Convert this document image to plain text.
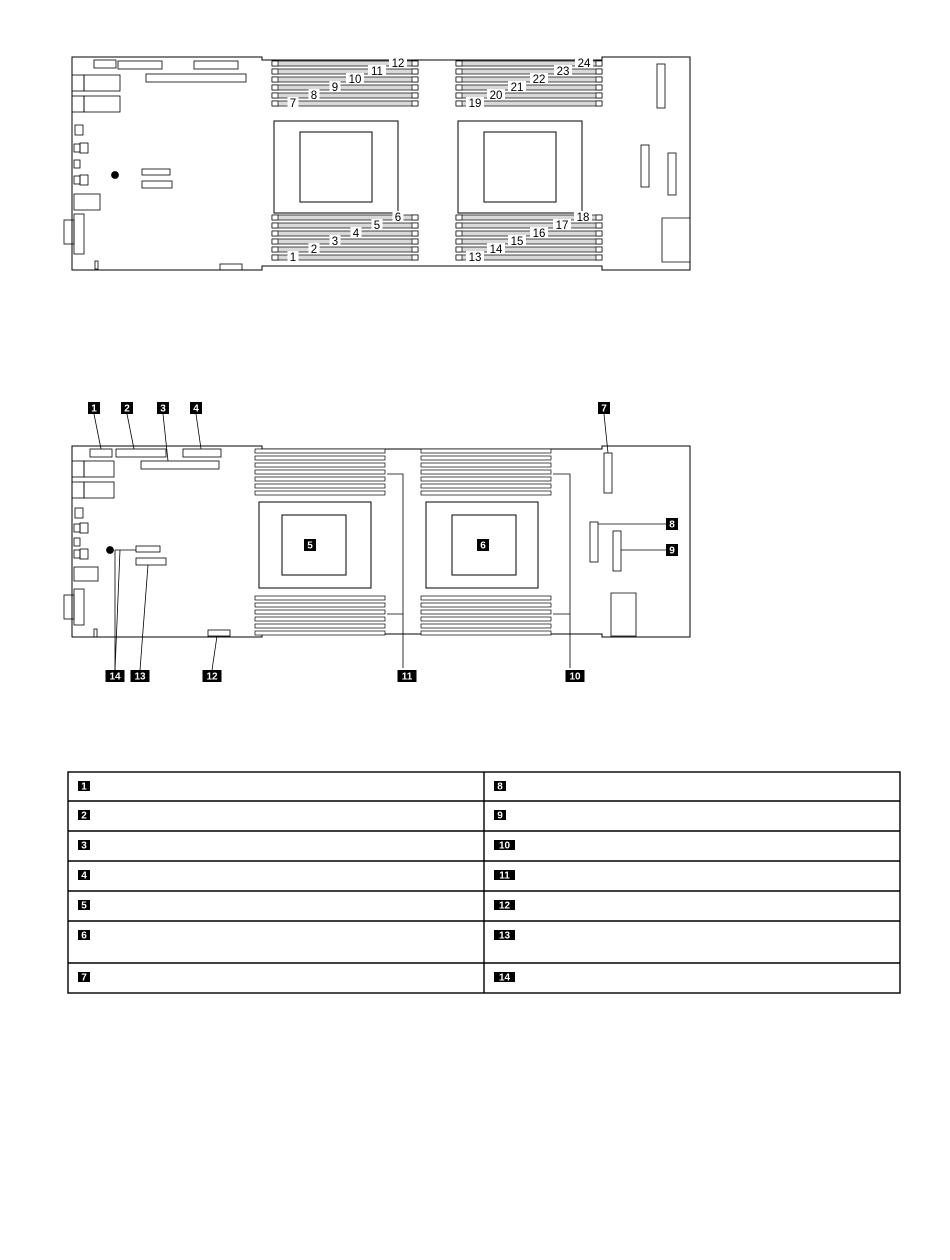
12	24
11	23
10	22
9	21
8	20
7	19
6	18
5	17
4	16
3	15
2	14
1	13
1	2	3	4
5	6
7
8
9
10
11
12
13
14
1	8
2	9
3	10
4	11
5	12
6	13
7	14
